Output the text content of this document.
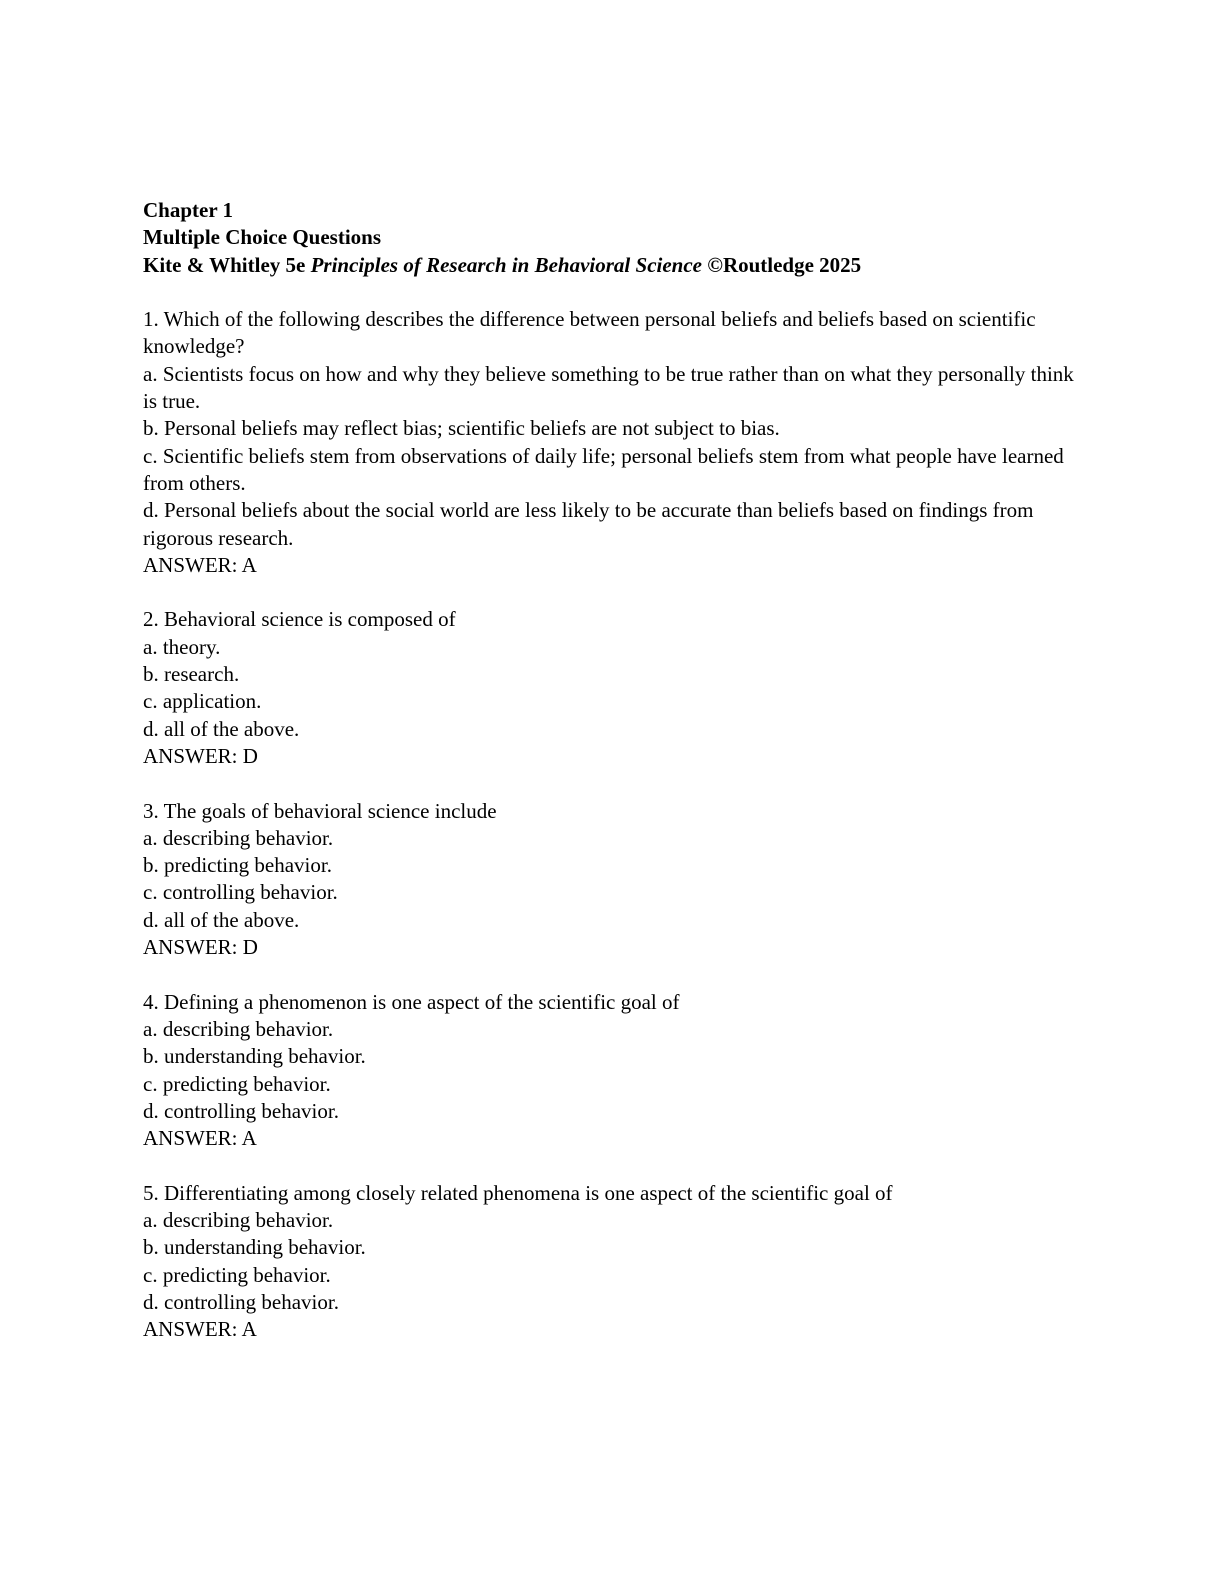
Chapter 1
Multiple Choice Questions
Kite & Whitley 5e Principles of Research in Behavioral Science ©Routledge 2025
1. Which of the following describes the difference between personal beliefs and beliefs based on scientific knowledge?
a. Scientists focus on how and why they believe something to be true rather than on what they personally think is true.
b. Personal beliefs may reflect bias; scientific beliefs are not subject to bias.
c. Scientific beliefs stem from observations of daily life; personal beliefs stem from what people have learned from others.
d. Personal beliefs about the social world are less likely to be accurate than beliefs based on findings from rigorous research.
ANSWER: A
2. Behavioral science is composed of
a. theory.
b. research.
c. application.
d. all of the above.
ANSWER: D
3. The goals of behavioral science include
a. describing behavior.
b. predicting behavior.
c. controlling behavior.
d. all of the above.
ANSWER: D
4. Defining a phenomenon is one aspect of the scientific goal of
a. describing behavior.
b. understanding behavior.
c. predicting behavior.
d. controlling behavior.
ANSWER: A
5. Differentiating among closely related phenomena is one aspect of the scientific goal of
a. describing behavior.
b. understanding behavior.
c. predicting behavior.
d. controlling behavior.
ANSWER: A
